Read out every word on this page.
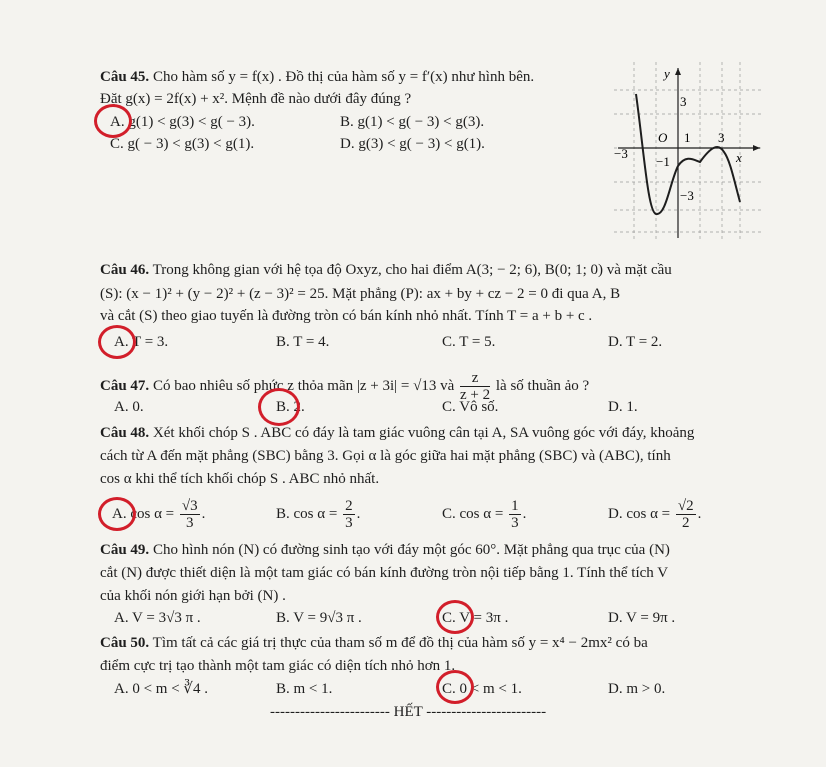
Câu 45. Cho hàm số y = f(x) . Đồ thị của hàm số y = f′(x) như hình bên.
Đặt g(x) = 2f(x) + x². Mệnh đề nào dưới đây đúng ?
A. g(1) < g(3) < g( − 3).	B. g(1) < g( − 3) < g(3).
C. g( − 3) < g(3) < g(1).	D. g(3) < g( − 3) < g(1).
y
x
O 1 3
−3
3
−1
−3
Câu 46. Trong không gian với hệ tọa độ Oxyz, cho hai điểm A(3; − 2; 6), B(0; 1; 0) và mặt cầu
(S): (x − 1)² + (y − 2)² + (z − 3)² = 25. Mặt phẳng (P): ax + by + cz − 2 = 0 đi qua A, B
và cắt (S) theo giao tuyến là đường tròn có bán kính nhỏ nhất. Tính T = a + b + c .
A. T = 3.	B. T = 4.	C. T = 5.	D. T = 2.
Câu 47. Có bao nhiêu số phức z thỏa mãn |z + 3i| = √13 và $\frac{z}{z + 2}$ là số thuần ảo ?
A. 0.	B. 2.	C. Vô số.	D. 1.
Câu 48. Xét khối chóp S . ABC có đáy là tam giác vuông cân tại A, SA vuông góc với đáy, khoảng
cách từ A đến mặt phẳng (SBC) bằng 3. Gọi α là góc giữa hai mặt phẳng (SBC) và (ABC), tính
cos α khi thể tích khối chóp S . ABC nhỏ nhất.
A. $\cos \alpha = \frac{√3}{3}$ .	B. $\cos \alpha = \frac{2}{3}$ .	C. $\cos \alpha = \frac{1}{3}$ .	D. $\cos \alpha = \frac{√2}{2}$ .
Câu 49. Cho hình nón (N) có đường sinh tạo với đáy một góc 60°. Mặt phẳng qua trục của (N)
cắt (N) được thiết diện là một tam giác có bán kính đường tròn nội tiếp bằng 1. Tính thể tích V
của khối nón giới hạn bởi (N) .
A. V = 3√3 π .	B. V = 9√3 π .	C. V = 3π .	D. V = 9π .
Câu 50. Tìm tất cả các giá trị thực của tham số m để đồ thị của hàm số y = x⁴ − 2mx² có ba
điểm cực trị tạo thành một tam giác có diện tích nhỏ hơn 1.
A. 0 < m < ∛4 .	B. m < 1.	C. 0 < m < 1.	D. m > 0.
------------------------ HẾT ------------------------
